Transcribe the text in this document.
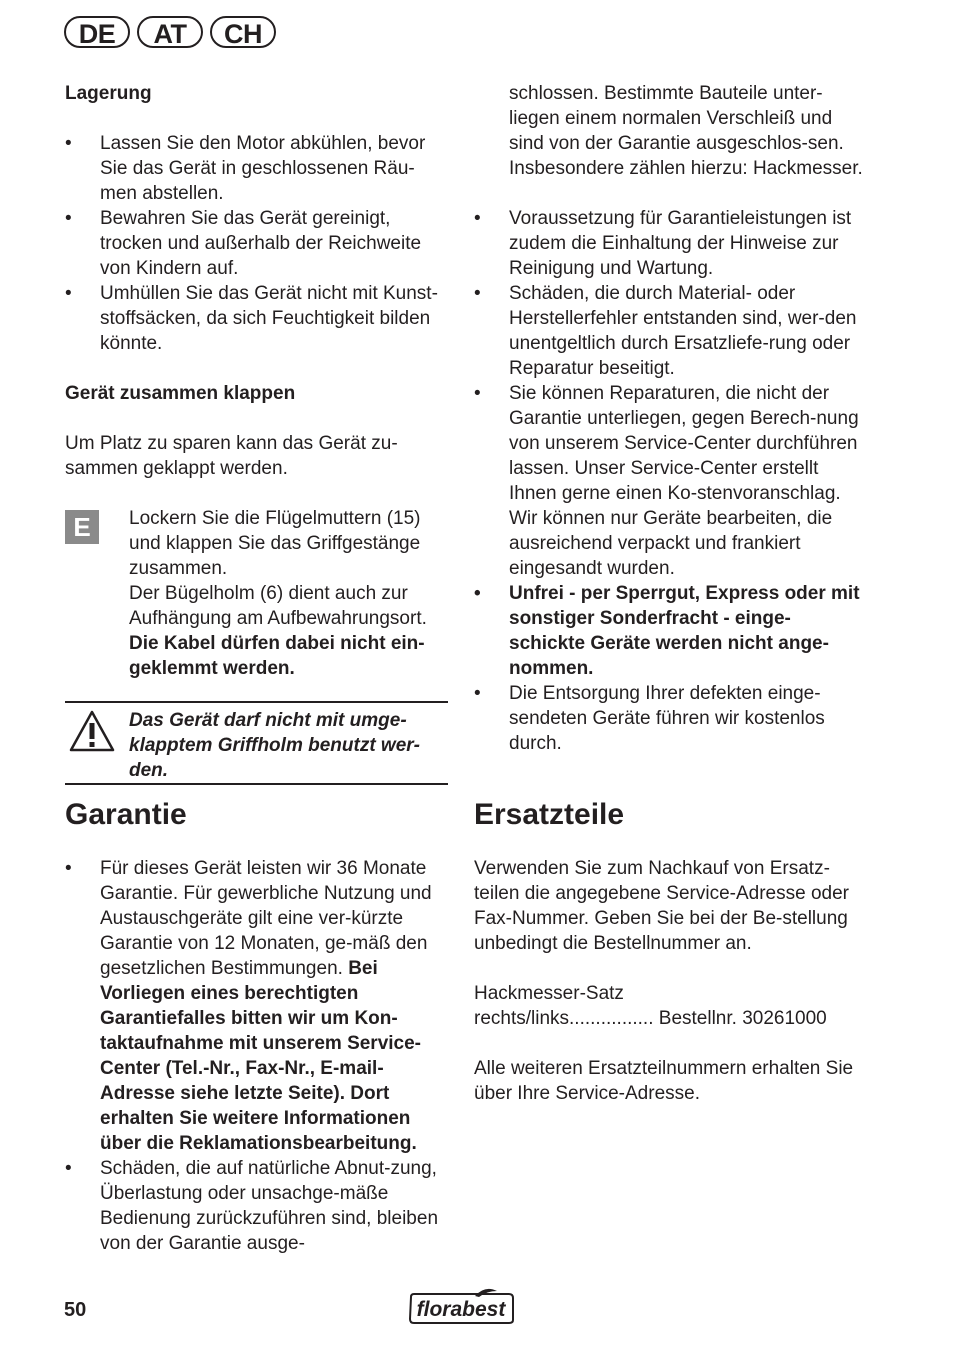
DE	AT	CH
Lagerung
• Lassen Sie den Motor abkühlen, bevor Sie das Gerät in geschlossenen Räu-men abstellen.
• Bewahren Sie das Gerät gereinigt, trocken und außerhalb der Reichweite von Kindern auf.
• Umhüllen Sie das Gerät nicht mit Kunst-stoffsäcken, da sich Feuchtigkeit bilden könnte.
Gerät zusammen klappen

Um Platz zu sparen kann das Gerät zu-sammen geklappt werden.

E	Lockern Sie die Flügelmuttern (15) und klappen Sie das Griffgestänge zusammen.

Der Bügelholm (6) dient auch zur Aufhängung am Aufbewahrungsort.

Die Kabel dürfen dabei nicht ein-geklemmt werden.

Das Gerät darf nicht mit umge-klapptem Griffholm benutzt wer-den.
Garantie
• Für dieses Gerät leisten wir 36 Monate Garantie. Für gewerbliche Nutzung und Austauschgeräte gilt eine ver-kürzte Garantie von 12 Monaten, ge-mäß den gesetzlichen Bestimmungen. Bei Vorliegen eines berechtigten Garantiefalles bitten wir um Kon-taktaufnahme mit unserem Service-Center (Tel.-Nr., Fax-Nr., E-mail-Adresse siehe letzte Seite). Dort erhalten Sie weitere Informationen über die Reklamationsbearbeitung.
• Schäden, die auf natürliche Abnut-zung, Überlastung oder unsachge-mäße Bedienung zurückzuführen sind, bleiben von der Garantie ausge-
schlossen. Bestimmte Bauteile unter-liegen einem normalen Verschleiß und sind von der Garantie ausgeschlos-sen. Insbesondere zählen hierzu: Hackmesser.
• Voraussetzung für Garantieleistungen ist zudem die Einhaltung der Hinweise zur Reinigung und Wartung.
• Schäden, die durch Material- oder Herstellerfehler entstanden sind, wer-den unentgeltlich durch Ersatzliefe-rung oder Reparatur beseitigt.

• Sie können Reparaturen, die nicht der Garantie unterliegen, gegen Berech-nung von unserem Service-Center durchführen lassen. Unser Service-Center erstellt Ihnen gerne einen Ko-stenvoranschlag.

Wir können nur Geräte bearbeiten, die ausreichend verpackt und frankiert eingesandt wurden.

• Unfrei - per Sperrgut, Express oder mit sonstiger Sonderfracht - einge-schickte Geräte werden nicht ange-nommen.
• Die Entsorgung Ihrer defekten einge-sendeten Geräte führen wir kostenlos durch.
Ersatzteile

Verwenden Sie zum Nachkauf von Ersatz-teilen die angegebene Service-Adresse oder Fax-Nummer. Geben Sie bei der Be-stellung unbedingt die Bestellnummer an.

Hackmesser-Satz

rechts/links................ Bestellnr. 30261000

Alle weiteren Ersatzteilnummern erhalten Sie über Ihre Service-Adresse.

50	florabest
